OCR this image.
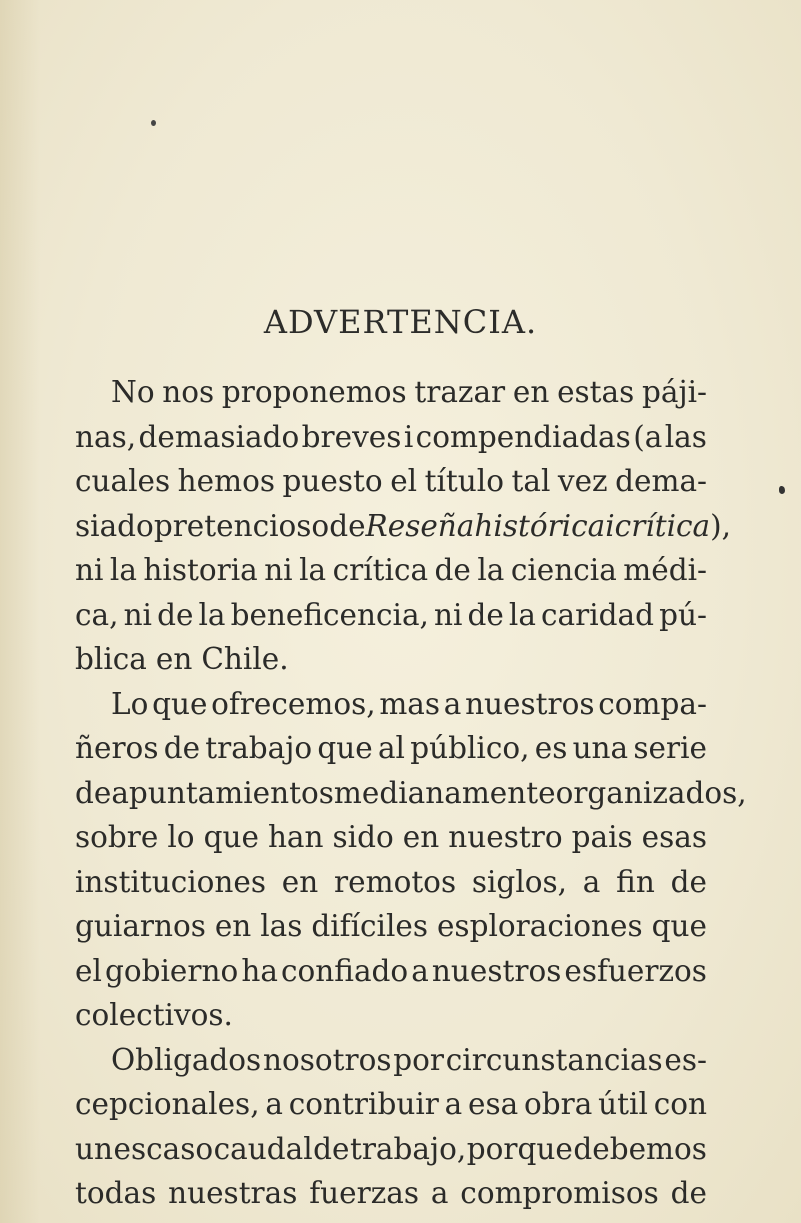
ADVERTENCIA.
No nos proponemos trazar en estas páji-
nas, demasiado breves i compendiadas (a las
cuales hemos puesto el título tal vez dema-
siado pretencioso de Reseña histórica i crítica),
ni la historia ni la crítica de la ciencia médi-
ca, ni de la beneficencia, ni de la caridad pú-
blica en Chile.
Lo que ofrecemos, mas a nuestros compa-
ñeros de trabajo que al público, es una serie
de apuntamientos medianamente organizados,
sobre lo que han sido en nuestro pais esas
instituciones en remotos siglos, a fin de
guiarnos en las difíciles esploraciones que
el gobierno ha confiado a nuestros esfuerzos
colectivos.
Obligados nosotros por circunstancias es-
cepcionales, a contribuir a esa obra útil con
un escaso caudal de trabajo, porque debemos
todas nuestras fuerzas a compromisos de
